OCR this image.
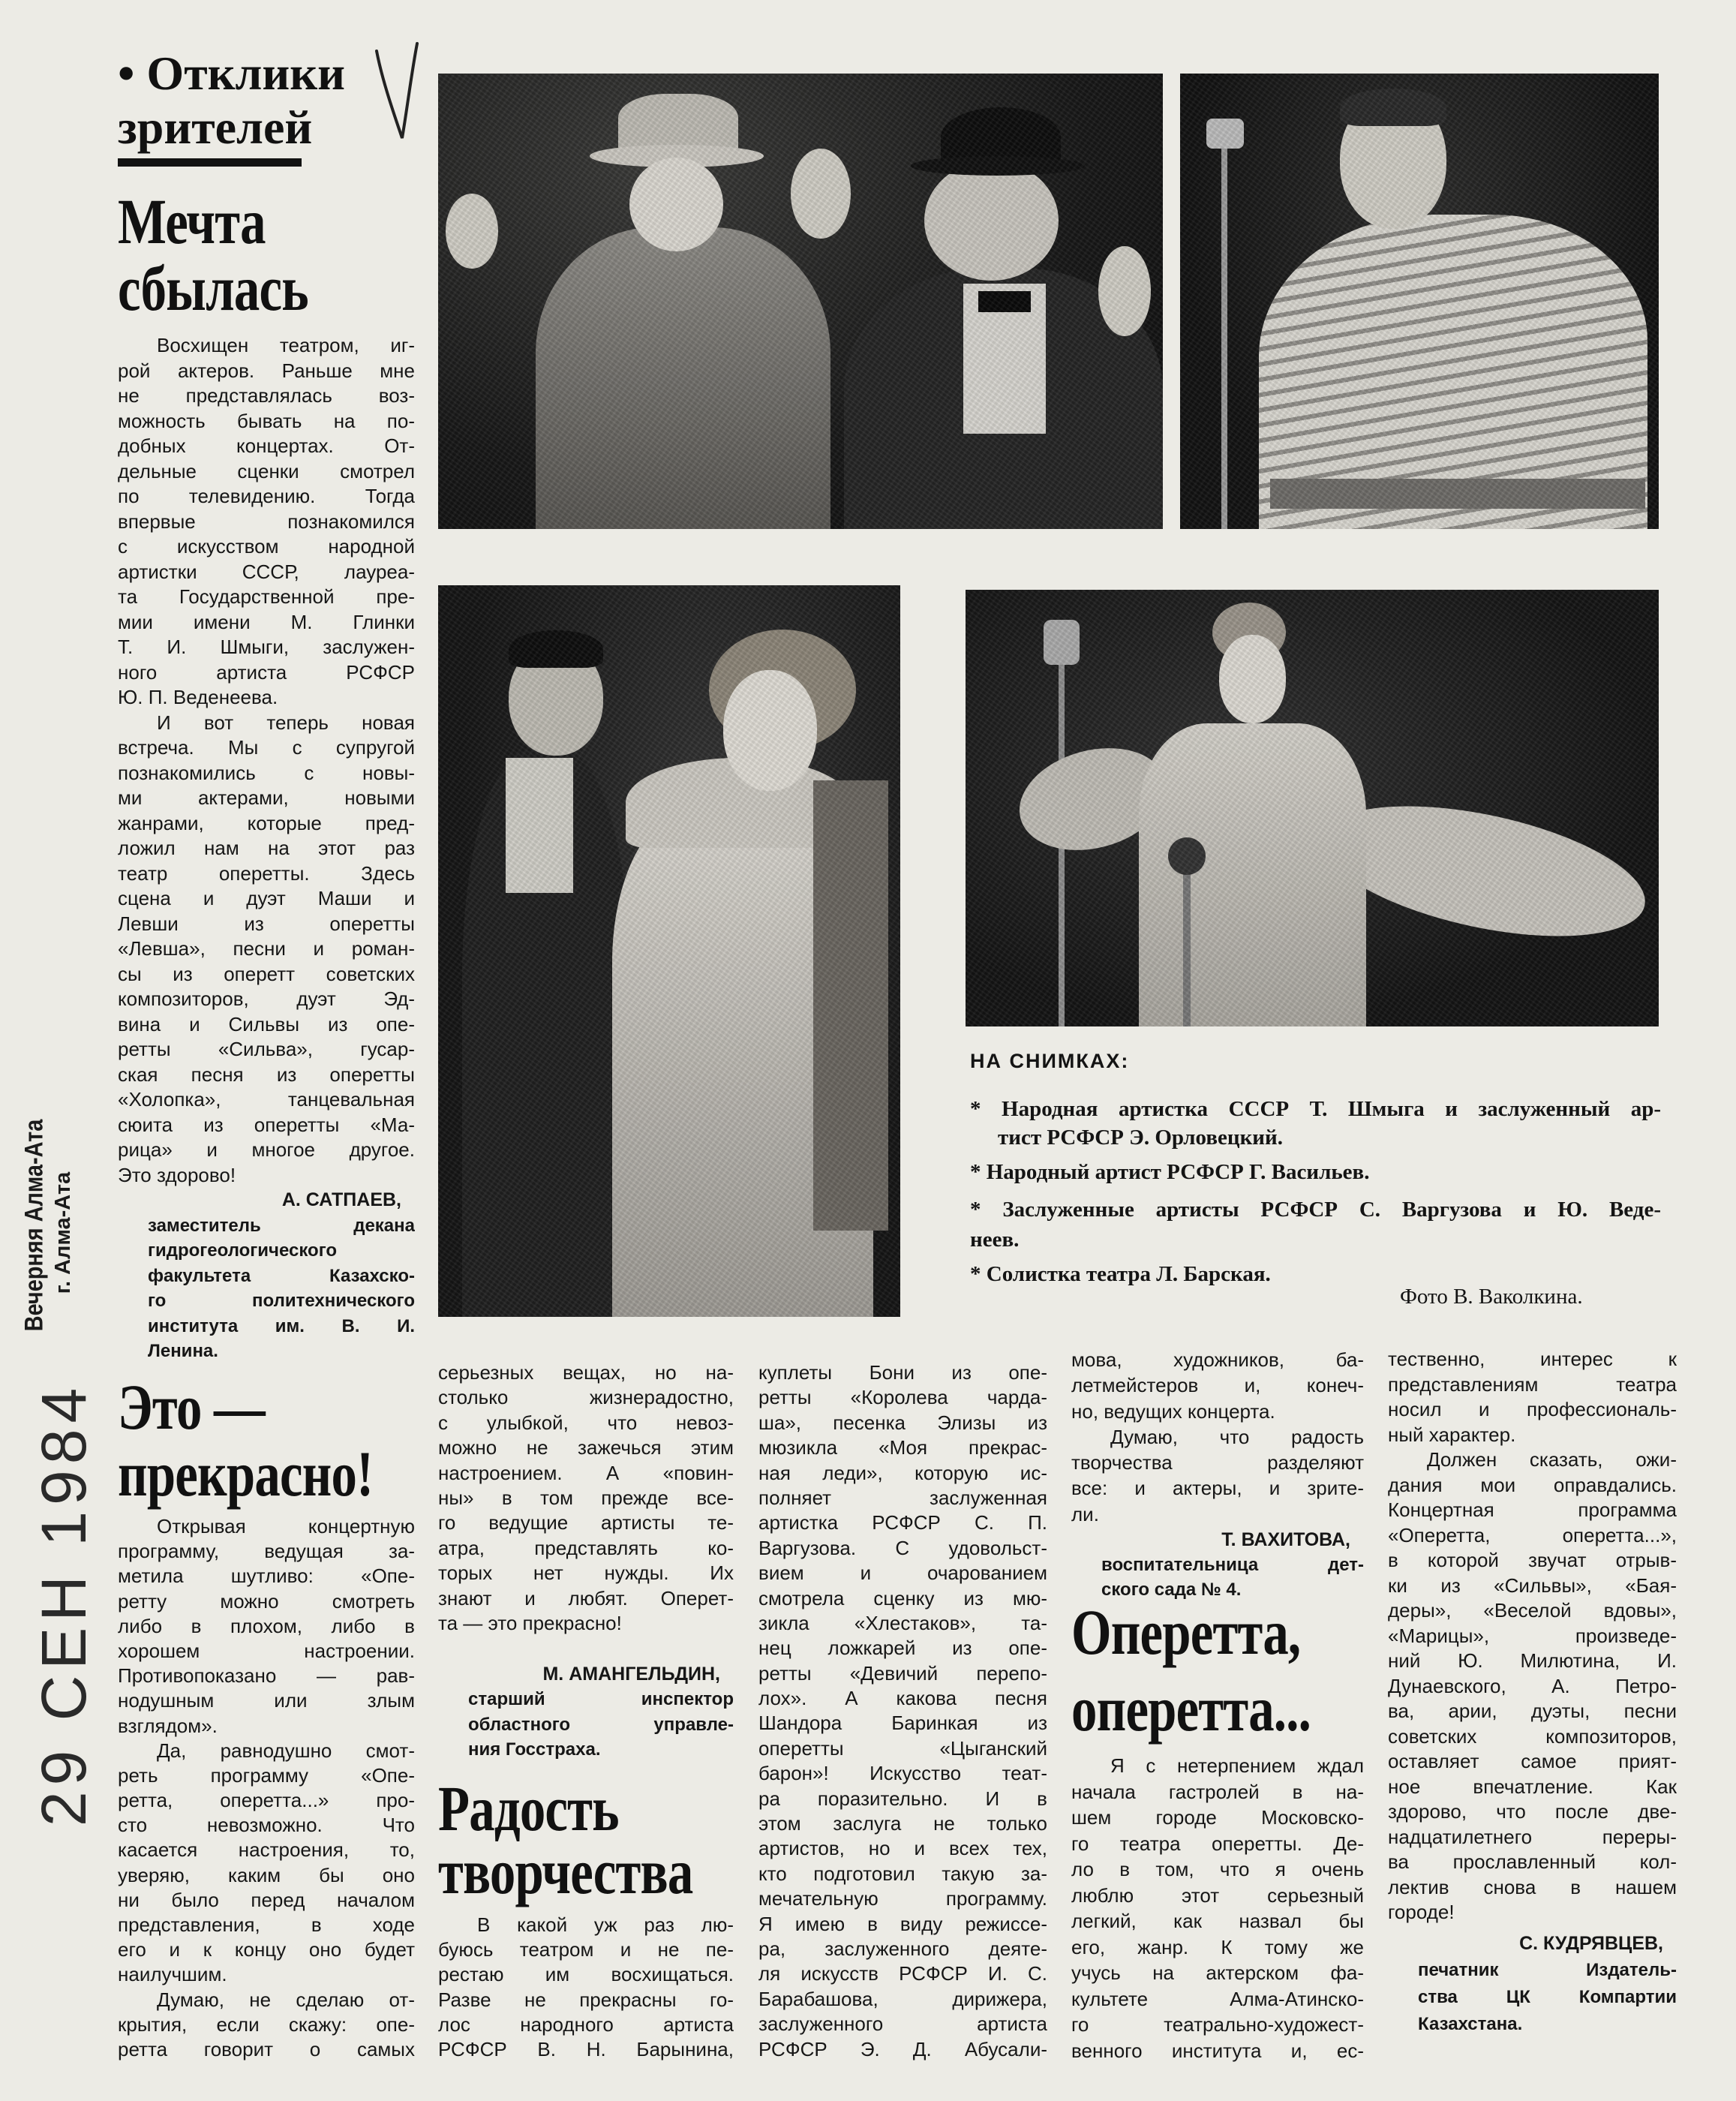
Вечерняя Алма-Ата г. Алма-Ата
29 СЕН 1984
• Отклики
зрителей
Мечта
сбылась
Восхищен театром, иг-
рой актеров. Раньше мне
не представлялась воз-
можность бывать на по-
добных концертах. От-
дельные сценки смотрел
по телевидению. Тогда
впервые познакомился
с искусством народной
артистки СССР, лауреа-
та Государственной пре-
мии имени М. Глинки
Т. И. Шмыги, заслужен-
ного артиста РСФСР
Ю. П. Веденеева.
И вот теперь новая
встреча. Мы с супругой
познакомились с новы-
ми актерами, новыми
жанрами, которые пред-
ложил нам на этот раз
театр оперетты. Здесь
сцена и дуэт Маши и
Левши из оперетты
«Левша», песни и роман-
сы из оперетт советских
композиторов, дуэт Эд-
вина и Сильвы из опе-
ретты «Сильва», гусар-
ская песня из оперетты
«Холопка», танцевальная
сюита из оперетты «Ма-
рица» и многое другое.
Это здорово!
А. САТПАЕВ,
заместитель декана
гидрогеологического
факультета Казахско-
го политехнического
института им. В. И.
Ленина.
Это —
прекрасно!
Открывая концертную
программу, ведущая за-
метила шутливо: «Опе-
ретту можно смотреть
либо в плохом, либо в
хорошем настроении.
Противопоказано — рав-
нодушным или злым
взглядом».
Да, равнодушно смот-
реть программу «Опе-
ретта, оперетта...» про-
сто невозможно. Что
касается настроения, то,
уверяю, каким бы оно
ни было перед началом
представления, в ходе
его и к концу оно будет
наилучшим.
Думаю, не сделаю от-
крытия, если скажу: опе-
ретта говорит о самых
серьезных вещах, но на-
столько жизнерадостно,
с улыбкой, что невоз-
можно не зажечься этим
настроением. А «повин-
ны» в том прежде все-
го ведущие артисты те-
атра, представлять ко-
торых нет нужды. Их
знают и любят. Оперет-
та — это прекрасно!
М. АМАНГЕЛЬДИН,
старший инспектор
областного управле-
ния Госстраха.
Радость
творчества
В какой уж раз лю-
буюсь театром и не пе-
рестаю им восхищаться.
Разве не прекрасны го-
лос народного артиста
РСФСР В. Н. Барынина,
куплеты Бони из опе-
ретты «Королева чарда-
ша», песенка Элизы из
мюзикла «Моя прекрас-
ная леди», которую ис-
полняет заслуженная
артистка РСФСР С. П.
Варгузова. С удовольст-
вием и очарованием
смотрела сценку из мю-
зикла «Хлестаков», та-
нец ложкарей из опе-
ретты «Девичий перепо-
лох». А какова песня
Шандора Баринкая из
оперетты «Цыганский
барон»! Искусство теат-
ра поразительно. И в
этом заслуга не только
артистов, но и всех тех,
кто подготовил такую за-
мечательную программу.
Я имею в виду режиссе-
ра, заслуженного деяте-
ля искусств РСФСР И. С.
Барабашова, дирижера,
заслуженного артиста
РСФСР Э. Д. Абусали-
мова, художников, ба-
летмейстеров и, конеч-
но, ведущих концерта.
Думаю, что радость
творчества разделяют
все: и актеры, и зрите-
ли.
Т. ВАХИТОВА,
воспитательница дет-
ского сада № 4.
Оперетта,
оперетта...
Я с нетерпением ждал
начала гастролей в на-
шем городе Московско-
го театра оперетты. Де-
ло в том, что я очень
люблю этот серьезный
легкий, как назвал бы
его, жанр. К тому же
учусь на актерском фа-
культете Алма-Атинско-
го театрально-художест-
венного института и, ес-
тественно, интерес к
представлениям театра
носил и профессиональ-
ный характер.
Должен сказать, ожи-
дания мои оправдались.
Концертная программа
«Оперетта, оперетта...»,
в которой звучат отрыв-
ки из «Сильвы», «Бая-
деры», «Веселой вдовы»,
«Марицы», произведе-
ний Ю. Милютина, И.
Дунаевского, А. Петро-
ва, арии, дуэты, песни
советских композиторов,
оставляет самое прият-
ное впечатление. Как
здорово, что после две-
надцатилетнего переры-
ва прославленный кол-
лектив снова в нашем
городе!
С. КУДРЯВЦЕВ,
печатник Издатель-
ства ЦК Компартии
Казахстана.
НА СНИМКАХ:
* Народная артистка СССР Т. Шмыга и заслуженный ар-
тист РСФСР Э. Орловецкий.
* Народный артист РСФСР Г. Васильев.
* Заслуженные артисты РСФСР С. Варгузова и Ю. Веде-
неев.
* Солистка театра Л. Барская.
Фото В. Ваколкина.
